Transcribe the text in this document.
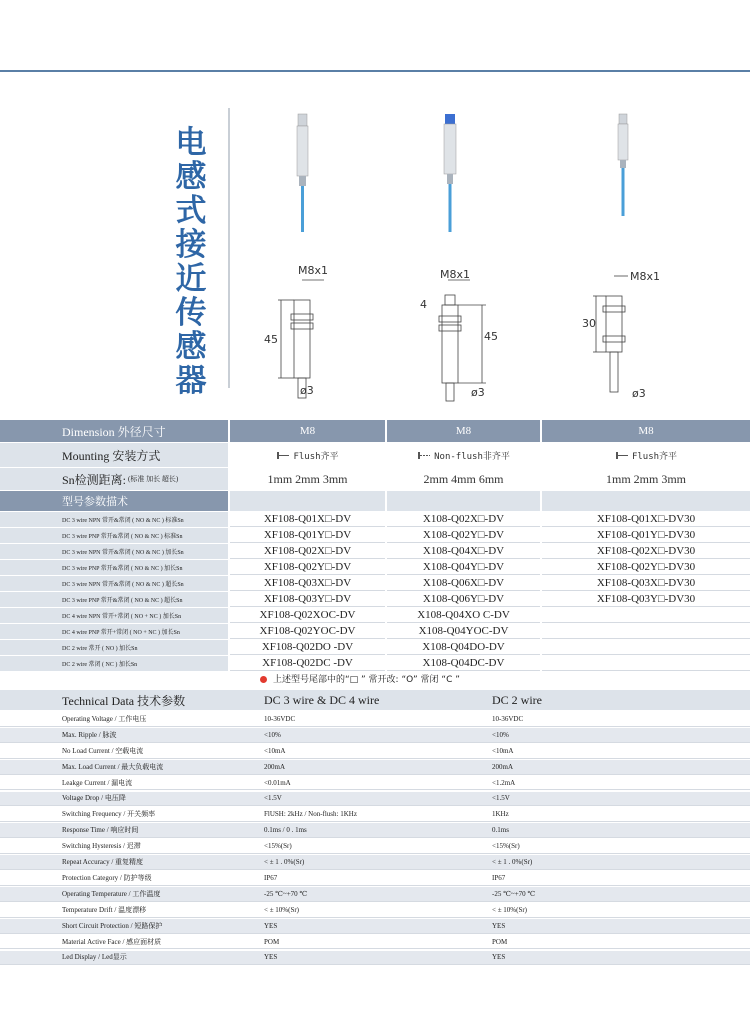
电感式接近传感器
M8x1
45
M8x1
4
45
ø3
M8x1
30
ø3
ø3
Dimension 外径尺寸	M8	M8	M8
Mounting 安装方式	Flush齐平	Non-flush非齐平	Flush齐平
Sn检测距离: (标准 加长 超长)	1mm 2mm 3mm	2mm 4mm 6mm	1mm 2mm 3mm
型号参数描术
DC 3 wire NPN 常开&常闭 ( NO & NC ) 标准Sn	XF108-Q01X□-DV	X108-Q02X□-DV	XF108-Q01X□-DV30
DC 3 wire PNP 常开&常闭 ( NO & NC ) 标准Sn	XF108-Q01Y□-DV	X108-Q02Y□-DV	XF108-Q01Y□-DV30
DC 3 wire NPN 常开&常闭 ( NO & NC ) 加长Sn	XF108-Q02X□-DV	X108-Q04X□-DV	XF108-Q02X□-DV30
DC 3 wire PNP 常开&常闭 ( NO & NC ) 加长Sn	XF108-Q02Y□-DV	X108-Q04Y□-DV	XF108-Q02Y□-DV30
DC 3 wire NPN 常开&常闭 ( NO & NC ) 超长Sn	XF108-Q03X□-DV	X108-Q06X□-DV	XF108-Q03X□-DV30
DC 3 wire PNP 常开&常闭 ( NO & NC ) 超长Sn	XF108-Q03Y□-DV	X108-Q06Y□-DV	XF108-Q03Y□-DV30
DC 4 wire NPN 常开+常闭 ( NO + NC ) 加长Sn	XF108-Q02XOC-DV	X108-Q04XO C-DV
DC 4 wire PNP 常开+常闭 ( NO + NC ) 加长Sn	XF108-Q02YOC-DV	X108-Q04YOC-DV
DC 2 wire 常开 ( NO ) 加长Sn	XF108-Q02DO -DV	X108-Q04DO-DV
DC 2 wire 常闭 ( NC ) 加长Sn	XF108-Q02DC -DV	X108-Q04DC-DV
上述型号尾部中的“□ ” 常开改: “O” 常闭 “C ”
Technical Data 技术参数	DC 3 wire & DC 4 wire	DC 2 wire
Operating Voltage / 工作电压	10-36VDC	10-36VDC
Max. Ripple / 脉波	<10%	<10%
No Load Current / 空载电流	<10mA	<10mA
Max. Load Current / 最大负载电流	200mA	200mA
Leakge Current / 漏电流	<0.01mA	<1.2mA
Voltage Drop / 电压降	<1.5V	<1.5V
Switching Frequency / 开关频率	FlUSH: 2kHz / Non-flush: 1KHz	1KHz
Response Time / 响应时间	0.1ms / 0 . 1ms	0.1ms
Switching Hysteresis / 迟滞	<15%(Sr)	<15%(Sr)
Repeat Accuracy / 重复精度	< ± 1 . 0%(Sr)	< ± 1 . 0%(Sr)
Protection Category / 防护等级	IP67	IP67
Operating Temperature / 工作温度	-25 ℃~+70 ℃	-25 ℃~+70 ℃
Temperature Drift / 温度漂移	< ± 10%(Sr)	< ± 10%(Sr)
Short Circuit Protection / 短路保护	YES	YES
Material Active Face / 感应面材质	POM	POM
Led Display / Led显示	YES	YES
